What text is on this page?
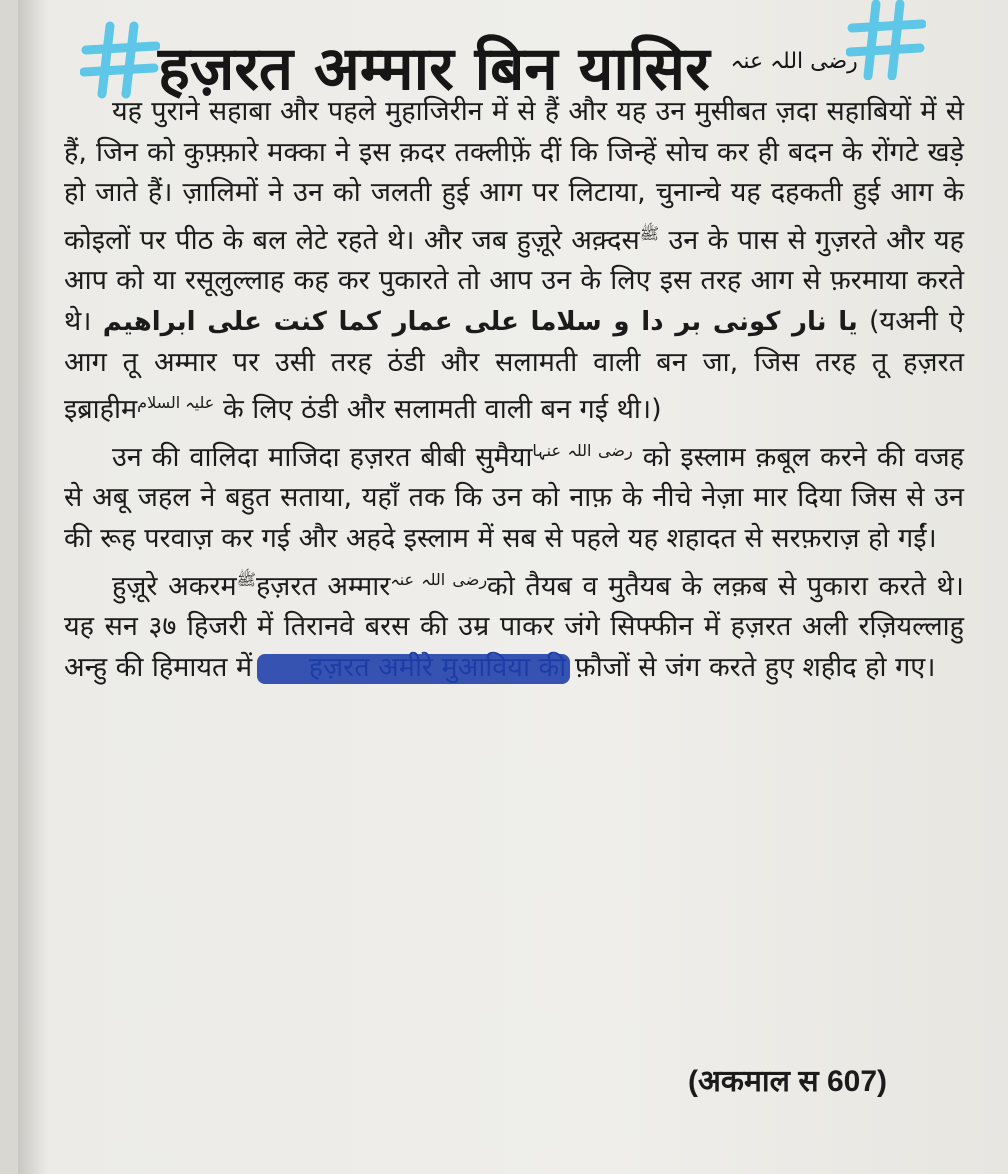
हज़रत अम्मार बिन यासिर $^{رضی اللہ عنہ}$

यह पुराने सहाबा और पहले मुहाजिरीन में से हैं और यह उन मुसीबत ज़दा सहाबियों में से हैं, जिन को कुफ़्फ़ारे मक्का ने इस क़दर तक्लीफ़ें दीं कि जिन्हें सोच कर ही बदन के रोंगटे खड़े हो जाते हैं। ज़ालिमों ने उन को जलती हुई आग पर लिटाया, चुनान्चे यह दहकती हुई आग के कोइलों पर पीठ के बल लेटे रहते थे। और जब हुज़ूरे अक़्दस$^ﷺ$ उन के पास से गुज़रते और यह आप को या रसूलुल्लाह कह कर पुकारते तो आप उन के लिए इस तरह आग से फ़रमाया करते थे। یا نار کونی بر دا و سلاما علی عمار کما کنت علی ابراھیم (यअनी ऐ आग तू अम्मार पर उसी तरह ठंडी और सलामती वाली बन जा, जिस तरह तू हज़रत इब्राहीम$^{علیہ السلام}$ के लिए ठंडी और सलामती वाली बन गई थी।)

उन की वालिदा माजिदा हज़रत बीबी सुमैया$^{رضی اللہ عنہا}$ को इस्लाम क़बूल करने की वजह से अबू जहल ने बहुत सताया, यहाँ तक कि उन को नाफ़ के नीचे नेज़ा मार दिया जिस से उन की रूह परवाज़ कर गई और अहदे इस्लाम में सब से पहले यह शहादत से सरफ़राज़ हो गईं।

हुज़ूरे अकरम$^ﷺ$हज़रत अम्मार$^{رضی اللہ عنہ}$को तैयब व मुतैयब के लक़ब से पुकारा करते थे। यह सन ३७ हिजरी में तिरानवे बरस की उम्र पाकर जंगे सिफ्फीन में हज़रत अली रज़ियल्लाहु अन्हु की हिमायत में	फ़ौजों से जंग करते हुए शहीद हो गए।

(अकमाल स 607)
